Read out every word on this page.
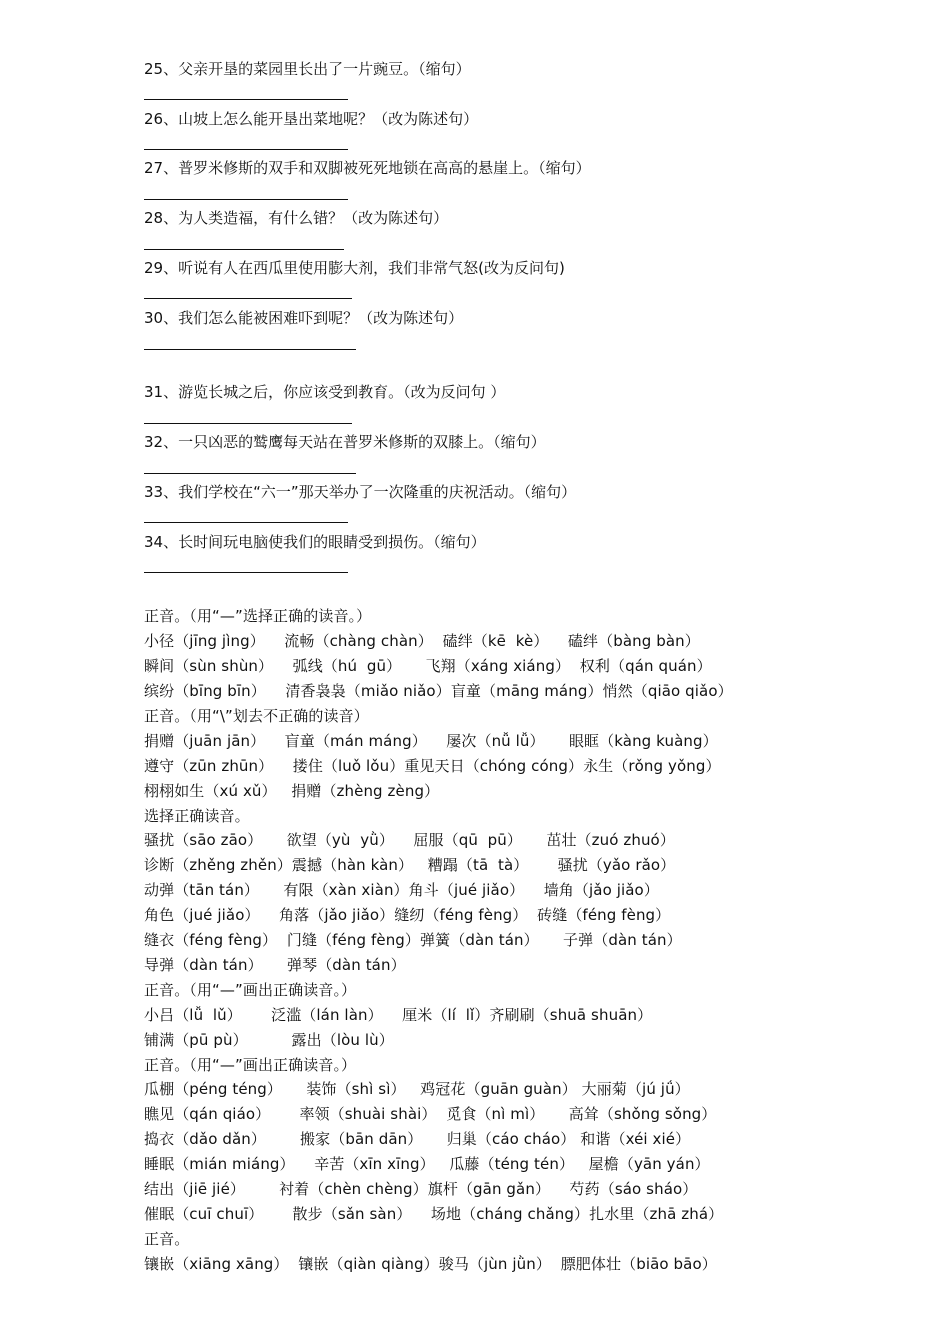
25、父亲开垦的菜园里长出了一片豌豆。（缩句）
26、山坡上怎么能开垦出菜地呢？（改为陈述句）
27、普罗米修斯的双手和双脚被死死地锁在高高的悬崖上。（缩句）
28、为人类造福，有什么错？（改为陈述句）
29、听说有人在西瓜里使用膨大剂，我们非常气怒(改为反问句)
30、我们怎么能被困难吓到呢？（改为陈述句）
31、游览长城之后，你应该受到教育。（改为反问句 ）
32、一只凶恶的鹫鹰每天站在普罗米修斯的双膝上。（缩句）
33、我们学校在“六一”那天举办了一次隆重的庆祝活动。（缩句）
34、长时间玩电脑使我们的眼睛受到损伤。（缩句）
正音。（用“—”选择正确的读音。）
小径（jīng jìng）    流畅（chàng chàn）  磕绊（kē  kè）    磕绊（bàng bàn）
瞬间（sùn shùn）    弧线（hú  gū）     飞翔（xáng xiáng）  权利（qán quán）
缤纷（bīng bīn）    清香袅袅（miǎo niǎo）盲童（māng máng）悄然（qiāo qiǎo）
正音。（用“\”划去不正确的读音）
捐赠（juān jān）    盲童（mán máng）    屡次（nǚ lǚ）     眼眶（kàng kuàng）
遵守（zūn zhūn）    搂住（luǒ lǒu）重见天日（chóng cóng）永生（rǒng yǒng）
栩栩如生（xú xǔ）   捐赠（zhèng zèng）
选择正确读音。
骚扰（sāo zāo）     欲望（yù  yǜ）    屈服（qū  pū）     茁壮（zuó zhuó）
诊断（zhěng zhěn）震撼（hàn kàn）   糟蹋（tā  tà）      骚扰（yǎo rǎo）
动弹（tān tán）     有限（xàn xiàn）角斗（jué jiǎo）    墙角（jǎo jiǎo）
角色（jué jiǎo）    角落（jǎo jiǎo）缝纫（féng fèng）  砖缝（féng fèng）
缝衣（féng fèng）  门缝（féng fèng）弹簧（dàn tán）     子弹（dàn tán）
导弹（dàn tán）     弹琴（dàn tán）
正音。（用“—”画出正确读音。）
小吕（lǚ  lǔ）      泛滥（lán làn）    厘米（lí  lǐ）齐刷刷（shuā shuān）
铺满（pū pù）         露出（lòu lù）
正音。（用“—”画出正确读音。）
瓜棚（péng téng）     装饰（shì sì）   鸡冠花（guān guàn） 大丽菊（jú jǘ）
瞧见（qán qiáo）      率领（shuài shài）  觅食（nì mì）     高耸（shǒng sǒng）
捣衣（dǎo dǎn）       搬家（bān dān）     归巢（cáo cháo） 和谐（xéi xié）
睡眠（mián miáng）    辛苦（xīn xīng）   瓜藤（téng tén）   屋檐（yān yán）
结出（jiē jié）       衬着（chèn chèng）旗杆（gān gǎn）    芍药（sáo sháo）
催眠（cuī chuī）      散步（sǎn sàn）    场地（cháng chǎng）扎水里（zhā zhá）
正音。
镶嵌（xiāng xāng）  镶嵌（qiàn qiàng）骏马（jùn jǜn）  膘肥体壮（biāo bāo）
